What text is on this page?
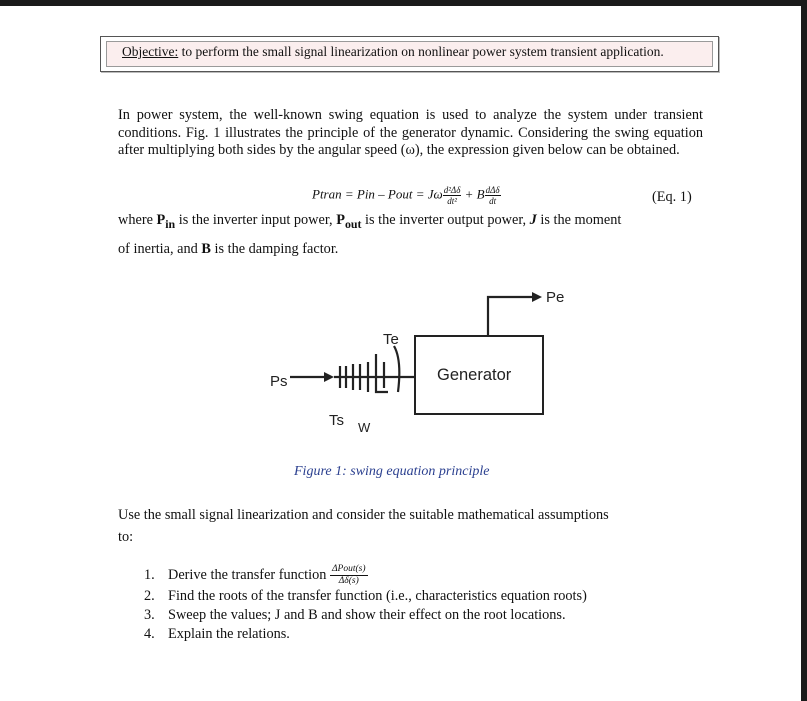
Objective: to perform the small signal linearization on nonlinear power system transient application.
In power system, the well-known swing equation is used to analyze the system under transient conditions. Fig. 1 illustrates the principle of the generator dynamic. Considering the swing equation after multiplying both sides by the angular speed (ω), the expression given below can be obtained.
Ptran = Pin – Pout = Jω $\frac{\text{d²Δδ}}{\text{dt²}} + B \frac{\text{dΔδ}}{dt}$	(Eq. 1)
where $P_{in}$ is the inverter input power, $P_{out}$ is the inverter output power, J is the moment
of inertia, and B is the damping factor.
Pe
Generator
Ps
Te
Ts W
Figure 1: swing equation principle
Use the small signal linearization and consider the suitable mathematical assumptions
to:
1. Derive the transfer function $\frac{\text{ΔPout(s)}}{\Delta\delta(s)}$
2. Find the roots of the transfer function (i.e., characteristics equation roots)
3. Sweep the values; J and B and show their effect on the root locations.
4. Explain the relations.
